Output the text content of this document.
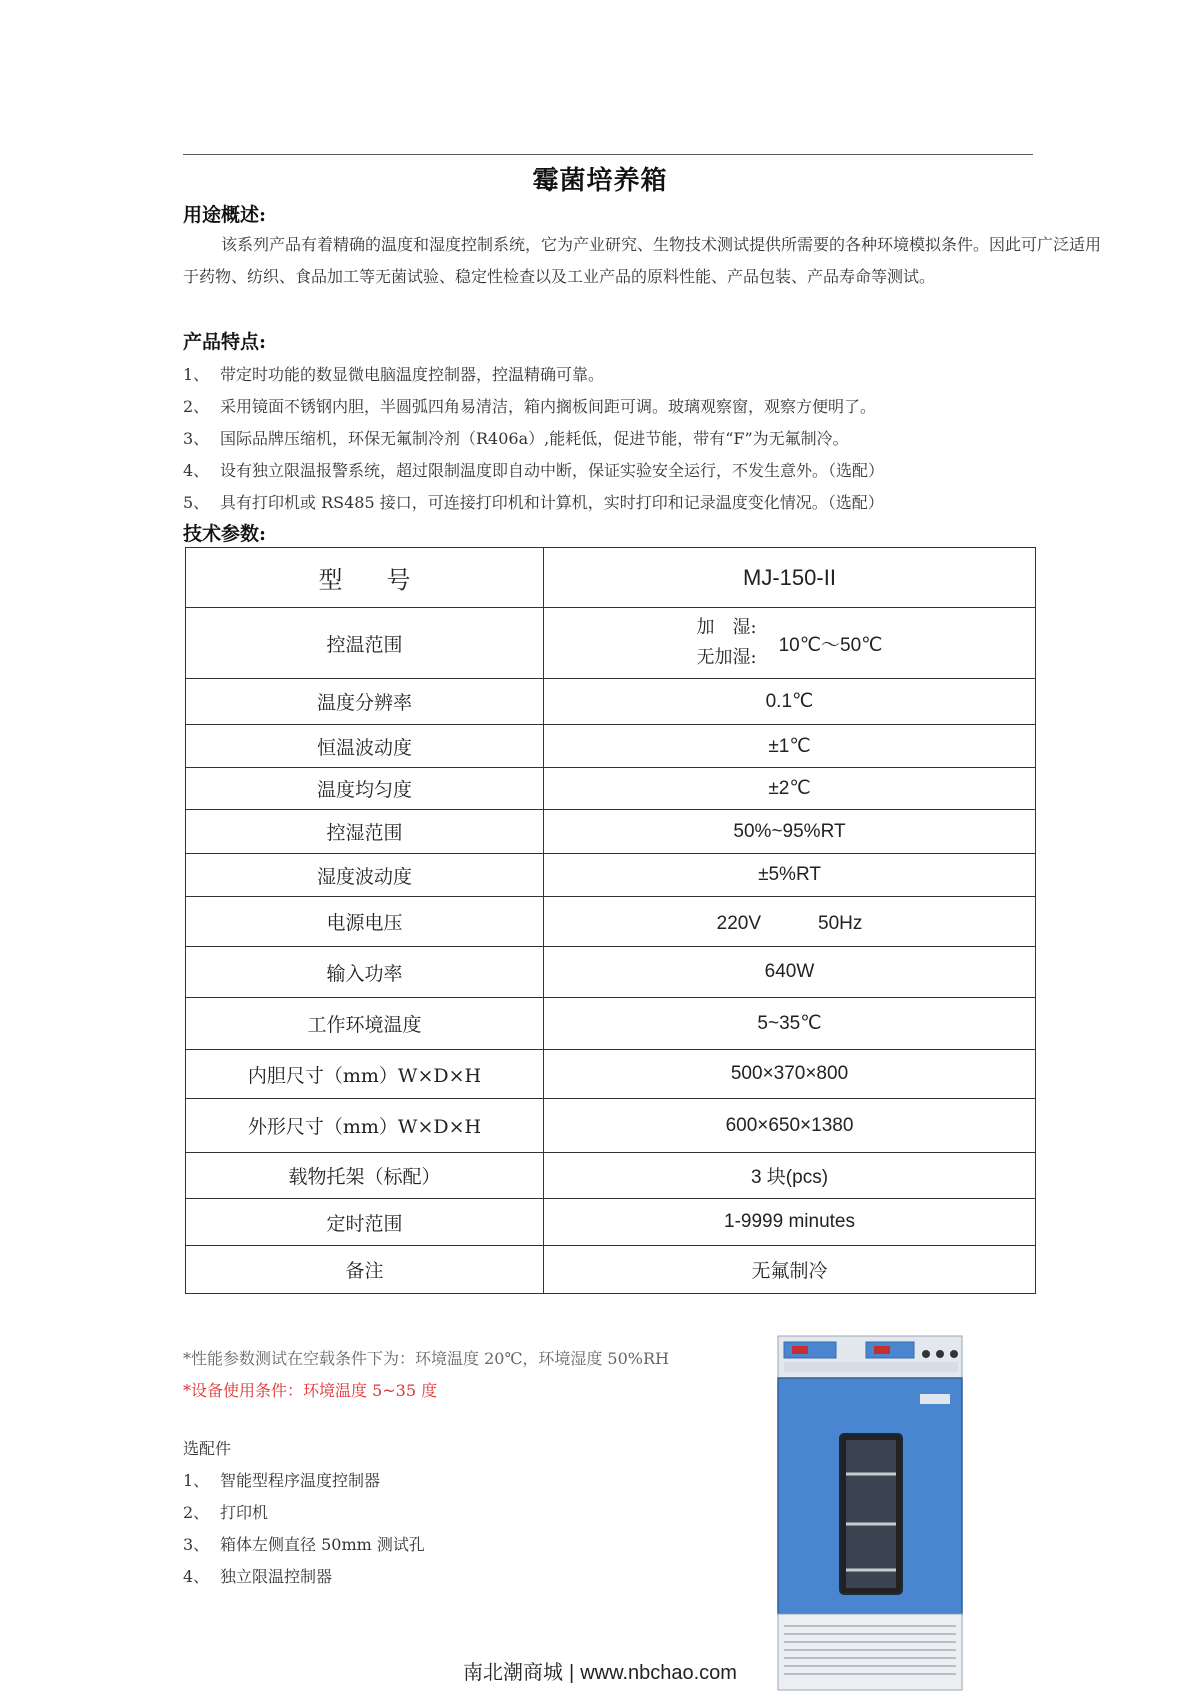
霉菌培养箱
用途概述:
该系列产品有着精确的温度和湿度控制系统，它为产业研究、生物技术测试提供所需要的各种环境模拟条件。因此可广泛适用于药物、纺织、食品加工等无菌试验、稳定性检查以及工业产品的原料性能、产品包装、产品寿命等测试。
产品特点:
1、 带定时功能的数显微电脑温度控制器，控温精确可靠。
2、 采用镜面不锈钢内胆，半圆弧四角易清洁，箱内搁板间距可调。玻璃观察窗，观察方便明了。
3、 国际品牌压缩机，环保无氟制冷剂（R406a）,能耗低，促进节能，带有“F”为无氟制冷。
4、 设有独立限温报警系统，超过限制温度即自动中断，保证实验安全运行，不发生意外。（选配）
5、 具有打印机或 RS485 接口，可连接打印机和计算机，实时打印和记录温度变化情况。（选配）
技术参数:
型 号	MJ-150-II
控温范围	加　湿:
无加湿:
10℃～50℃

温度分辨率	0.1℃
恒温波动度	±1℃
温度均匀度	±2℃
控湿范围	50%~95%RT
湿度波动度	±5%RT
电源电压	220V　　　50Hz
输入功率	640W
工作环境温度	5~35℃
内胆尺寸（mm）W×D×H	500×370×800
外形尺寸（mm）W×D×H	600×650×1380
载物托架（标配）	3 块(pcs)
定时范围	1-9999 minutes
备注	无氟制冷
*性能参数测试在空载条件下为：环境温度 20℃，环境湿度 50%RH
*设备使用条件：环境温度 5~35 度
选配件
1、 智能型程序温度控制器
2、 打印机
3、 箱体左侧直径 50mm 测试孔
4、 独立限温控制器
南北潮商城 | www.nbchao.com
